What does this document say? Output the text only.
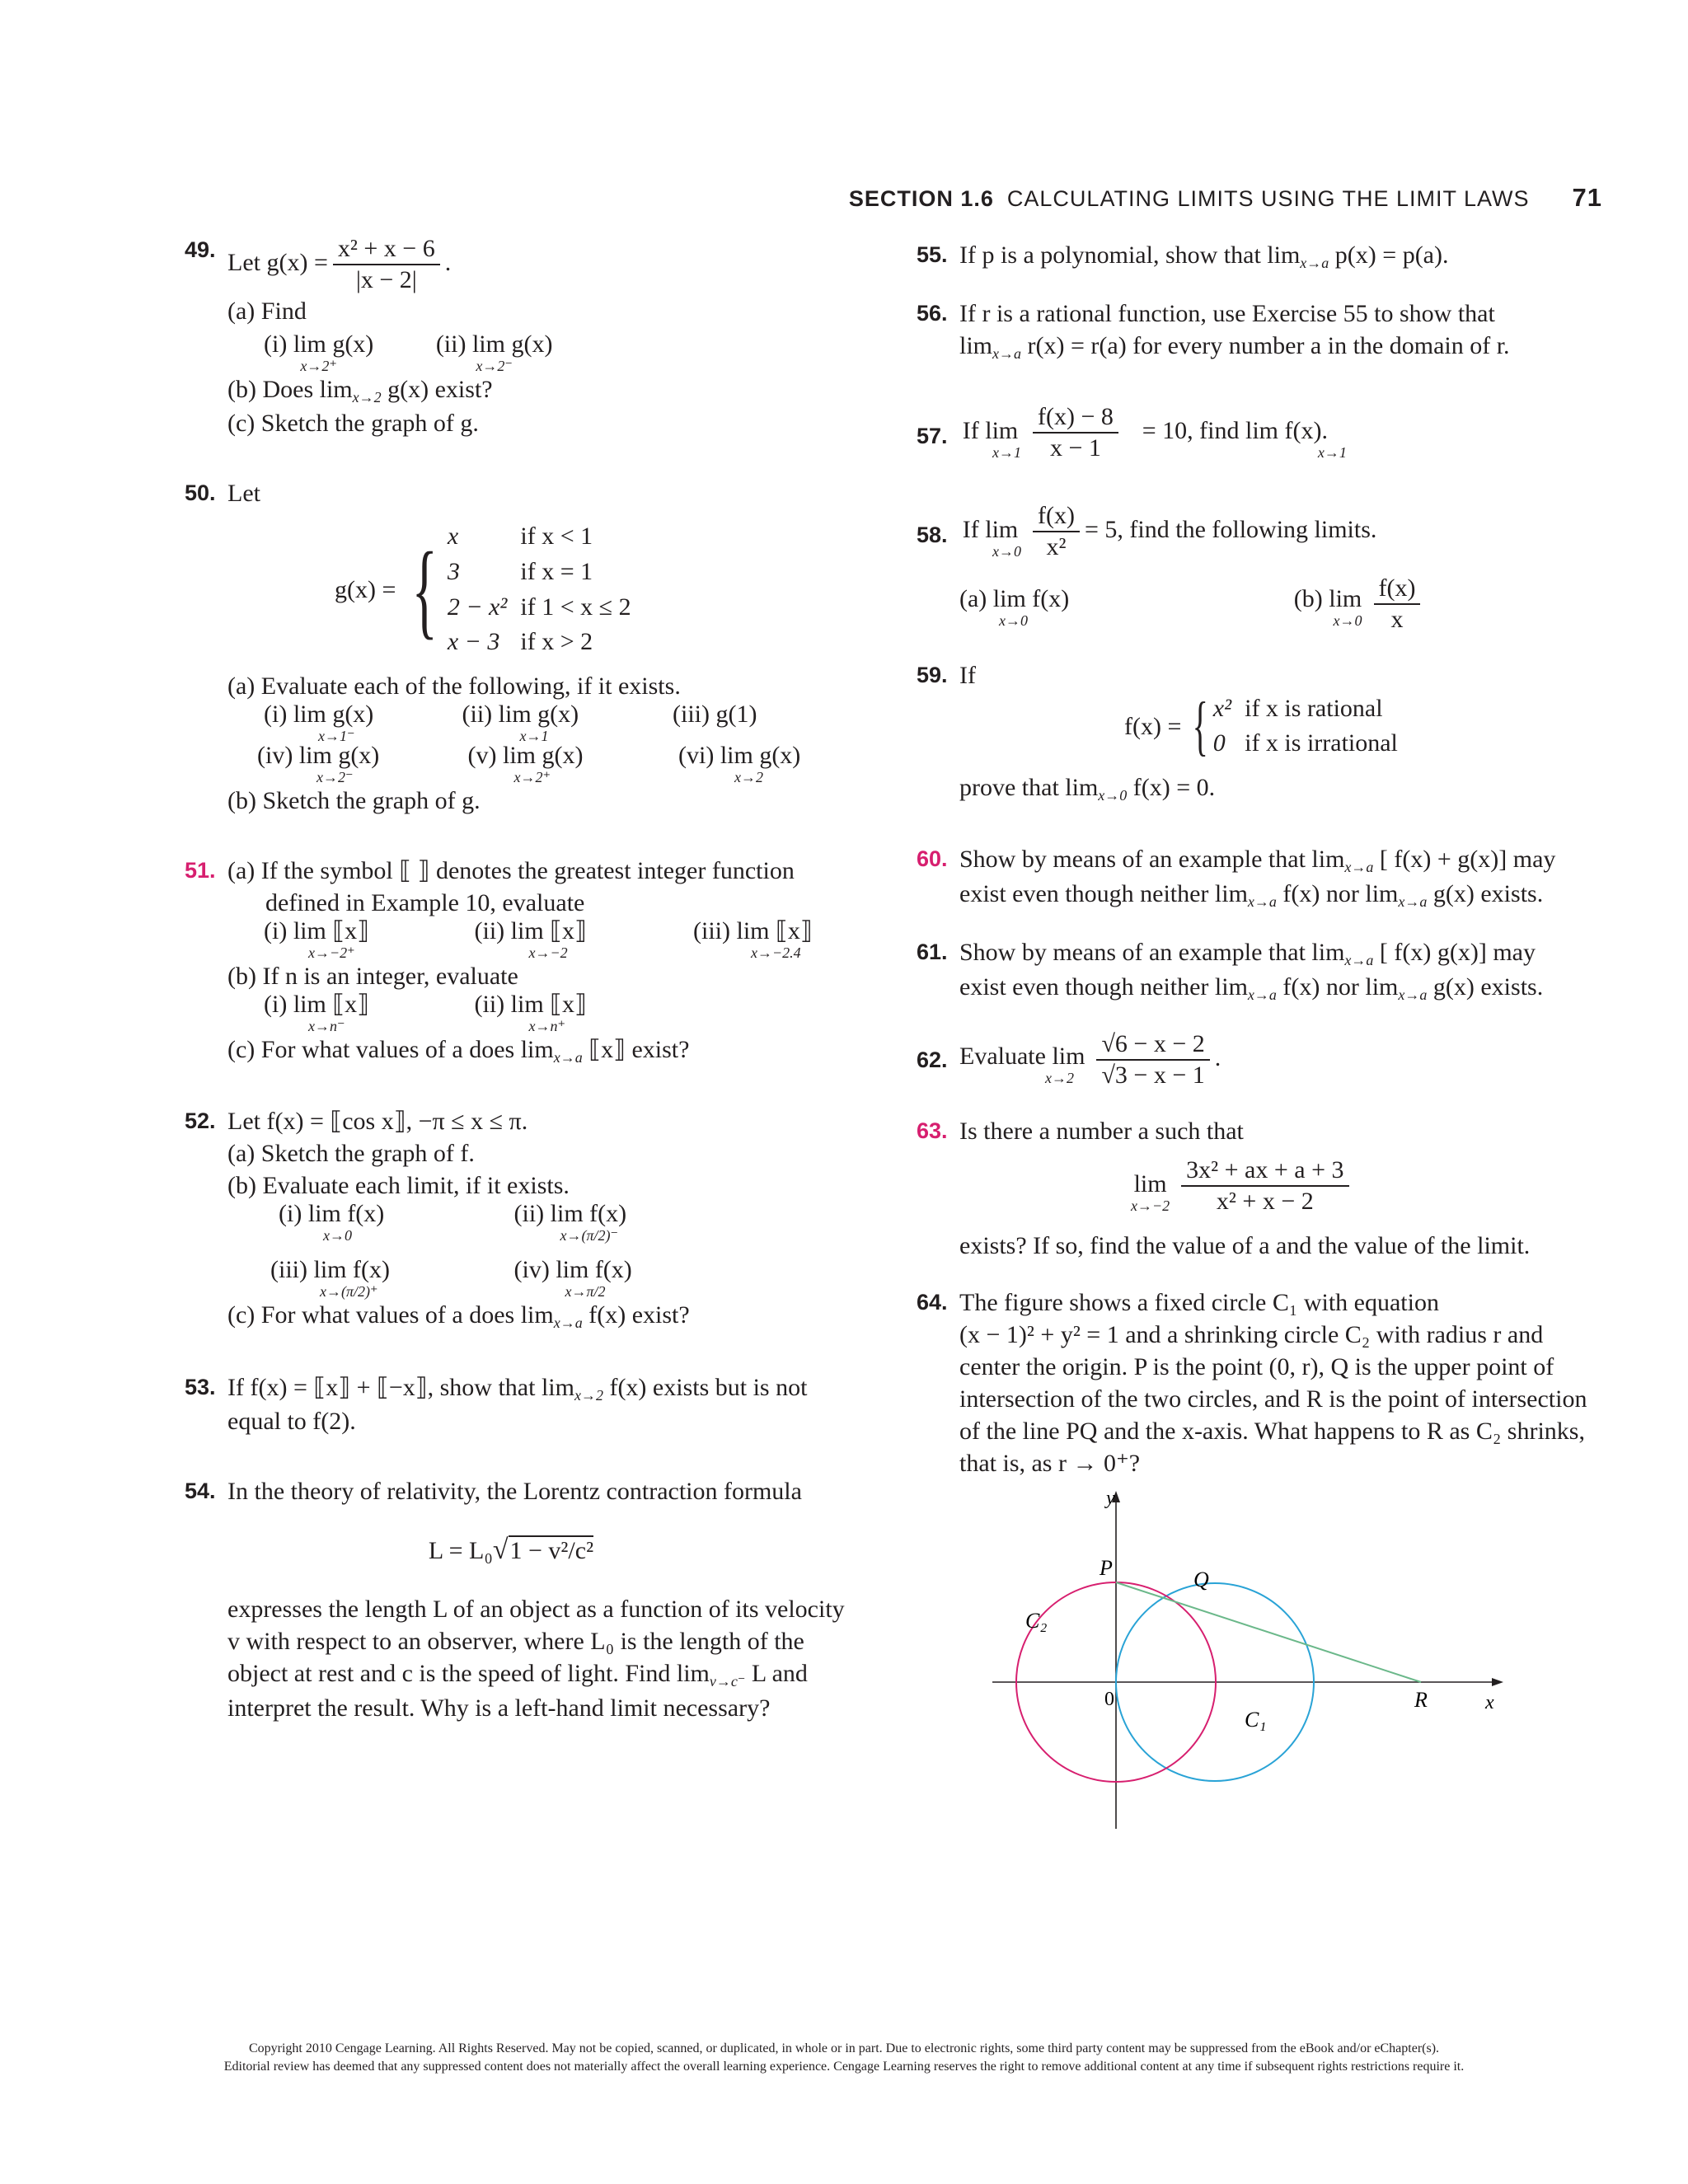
SECTION 1.6 CALCULATING LIMITS USING THE LIMIT LAWS 71
49. Let $g(x) = \frac{\text{x² + x − 6}}{|x - 2|}$ .
(a) Find
(i) lim g(x)
x→2⁺
(ii) lim g(x)
x→2⁻
(b) Does $\lim_{x\to 2} g(x)$ exist?
(c) Sketch the graph of g.
50. Let
g(x) = { x	if x < 1
3	if x = 1
2 − x²	if 1 < x ≤ 2
x − 3	if x > 2
(a) Evaluate each of the following, if it exists.
(i) lim g(x)
x→1⁻
(ii) lim g(x)
x→1
(iii) g(1)
(iv) lim g(x)
x→2⁻
(v) lim g(x)
x→2⁺
(vi) lim g(x)
x→2
(b) Sketch the graph of g.
51. (a) If the symbol ⟦ ⟧ denotes the greatest integer function
defined in Example 10, evaluate
(i) lim ⟦x⟧
x→−2⁺
(ii) lim ⟦x⟧
x→−2
(iii) lim ⟦x⟧
x→−2.4
(b) If n is an integer, evaluate
(i) lim ⟦x⟧
x→n⁻
(ii) lim ⟦x⟧
x→n⁺
(c) For what values of a does $\lim_{x\to a}$ ⟦x⟧ exist?
52. Let f(x) = ⟦cos x⟧, −π ≤ x ≤ π.
(a) Sketch the graph of f.
(b) Evaluate each limit, if it exists.
(i) lim f(x)
x→0
(ii) lim f(x)
x→(π/2)⁻
(iii) lim f(x)
x→(π/2)⁺
(iv) lim f(x)
x→π/2
(c) For what values of a does $\lim_{x\to a} f(x)$ exist?
53. If f(x) = ⟦x⟧ + ⟦−x⟧, show that $\lim_{x\to 2} f(x)$ exists but is not
equal to f(2).
54. In the theory of relativity, the Lorentz contraction formula
L = L₀√1 − v²/c²
expresses the length L of an object as a function of its velocity
v with respect to an observer, where L₀ is the length of the
object at rest and c is the speed of light. Find $\lim_{v\to c^-} L$ and
interpret the result. Why is a left-hand limit necessary?
55. If p is a polynomial, show that $\lim_{x\to a} p(x) = p(a)$.
56. If r is a rational function, use Exercise 55 to show that
$\lim_{x\to a} r(x) = r(a)$ for every number a in the domain of r.
57. If lim
$x\to 1 \frac{f(x) - 8}{x - 1} = 10$, find lim f(x).
x→1
58. If lim
$x\to 0 \frac{f(x)}{\text{x²}} = 5$, find the following limits.
(a) lim f(x)
x→0
(b) lim
$x\to 0 \frac{f(x)}{x}$
59. If
f(x) = { x²	if x is rational
0	if x is irrational
prove that $\lim_{x\to 0} f(x) = 0$.
60. Show by means of an example that $\lim_{x\to a}$ [ f(x) + g(x)] may
exist even though neither $\lim_{x\to a} f(x)$ nor $\lim_{x\to a} g(x)$ exists.
61. Show by means of an example that $\lim_{x\to a}$ [ f(x) g(x)] may
exist even though neither $\lim_{x\to a} f(x)$ nor $\lim_{x\to a} g(x)$ exists.
62. Evaluate lim
$x\to 2 \frac{√6 - x - 2}{√3 - x - 1}$ .
63. Is there a number a such that
lim
$x\to-2 \frac{\text{3x² + ax + a + 3}}{\text{x² + x − 2}}$
exists? If so, find the value of a and the value of the limit.
64. The figure shows a fixed circle C₁ with equation
(x − 1)² + y² = 1 and a shrinking circle C₂ with radius r and
center the origin. P is the point (0, r), Q is the upper point of
intersection of the two circles, and R is the point of intersection
of the line PQ and the x-axis. What happens to R as C₂ shrinks,
that is, as r → 0⁺?
y
x
P	Q
R
0
C₁
C₂
Copyright 2010 Cengage Learning. All Rights Reserved. May not be copied, scanned, or duplicated, in whole or in part. Due to electronic rights, some third party content may be suppressed from the eBook and/or eChapter(s).
Editorial review has deemed that any suppressed content does not materially affect the overall learning experience. Cengage Learning reserves the right to remove additional content at any time if subsequent rights restrictions require it.
